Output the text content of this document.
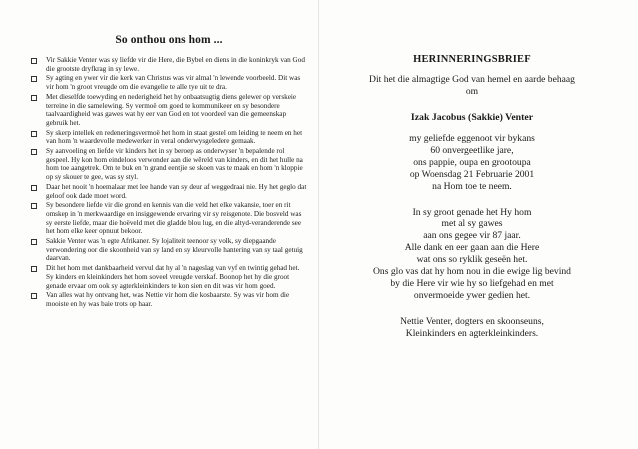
So onthou ons hom ...
Vir Sakkie Venter was sy liefde vir die Here, die Bybel en diens in die koninkryk van God die grootste dryfkrag in sy lewe.
Sy agting en ywer vir die kerk van Christus was vir almal 'n lewende voorbeeld. Dit was vir hom 'n groot vreugde om die evangelie te alle tye uit te dra.
Met dieselfde toewyding en nederigheid het hy onbaatsugtig diens gelewer op verskeie terreine in die samelewing. Sy vermoë om goed te kommunikeer en sy besondere taalvaardigheid was gawes wat hy eer van God en tot voordeel van die gemeenskap gebruik het.
Sy skerp intellek en redeneringsvermoë het hom in staat gestel om leiding te neem en het van hom 'n waardevolle medewerker in veral onderwysgeledere gemaak.
Sy aanvoeling en liefde vir kinders het in sy beroep as onderwyser 'n bepalende rol gespeel. Hy kon hom eindeloos verwonder aan die wêreld van kinders, en dit het hulle na hom toe aangetrek. Om te buk en 'n grand eentjie se skoen vas te maak en hom 'n kloppie op sy skouer te gee, was sy styl.
Daar het nooit 'n hoemalaar met lee hande van sy deur af weggedraai nie. Hy het geglo dat geloof ook dade moet word.
Sy besondere liefde vir die grond en kennis van die veld het elke vakansie, toer en rit omskep in 'n merkwaardige en insiggewende ervaring vir sy reisgenote. Die bosveld was sy eerste liefde, maar die hoëveld met die gladde blou lug, en die altyd-veranderende see het hom elke keer opnuut bekoor.
Sakkie Venter was 'n egte Afrikaner. Sy lojaliteit teenoor sy volk, sy diepgaande verwondering oor die skoonheid van sy land en sy kleurvolle hantering van sy taal getuig daarvan.
Dit het hom met dankbaarheid vervul dat hy al 'n nageslag van vyf en twintig gehad het. Sy kinders en kleinkinders het hom soveel vreugde verskaf. Boonop het hy die groot genade ervaar om ook sy agterkleinkinders te kon sien en dit was vir hom goed.
Van alles wat hy ontvang het, was Nettie vir hom die kosbaarste. Sy was vir hom die mooiste en hy was baie trots op haar.
HERINNERINGSBRIEF
Dit het die almagtige God van hemel en aarde behaag
om
Izak Jacobus (Sakkie) Venter
my geliefde eggenoot vir bykans
60 onvergeetlike jare,
ons pappie, oupa en grootoupa
op Woensdag 21 Februarie 2001
na Hom toe te neem.
In sy groot genade het Hy hom
met al sy gawes
aan ons gegee vir 87 jaar.
Alle dank en eer gaan aan die Here
wat ons so ryklik geseën het.
Ons glo vas dat hy hom nou in die ewige lig bevind
by die Here vir wie hy so liefgehad en met
onvermoeide ywer gedien het.
Nettie Venter, dogters en skoonseuns,
Kleinkinders en agterkleinkinders.
